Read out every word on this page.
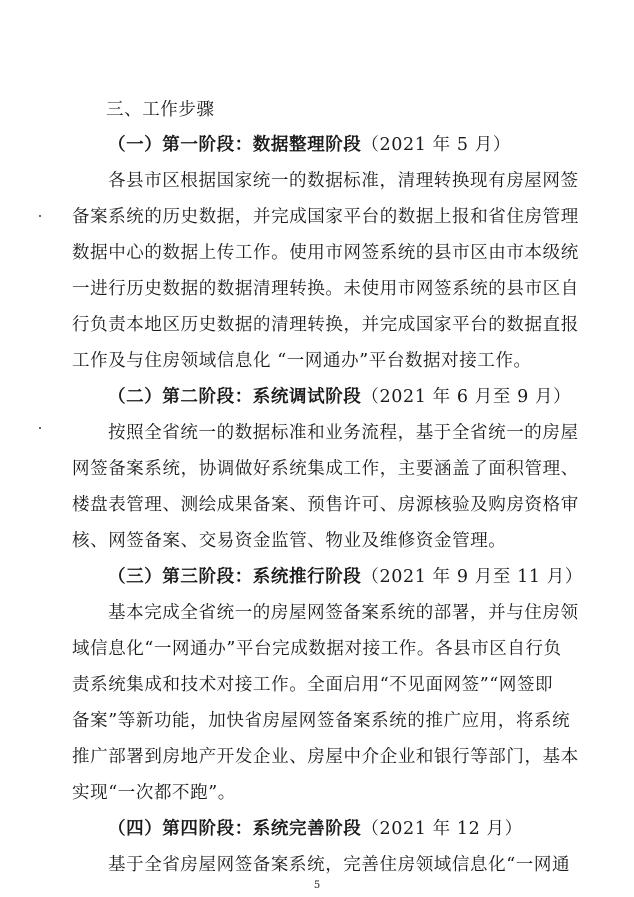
三、工作步骤
（一）第一阶段：数据整理阶段（2021 年 5 月）
各县市区根据国家统一的数据标准，清理转换现有房屋网签
备案系统的历史数据，并完成国家平台的数据上报和省住房管理
数据中心的数据上传工作。使用市网签系统的县市区由市本级统
一进行历史数据的数据清理转换。未使用市网签系统的县市区自
行负责本地区历史数据的清理转换，并完成国家平台的数据直报
工作及与住房领域信息化 “一网通办”平台数据对接工作。
（二）第二阶段：系统调试阶段（2021 年 6 月至 9 月）
按照全省统一的数据标准和业务流程，基于全省统一的房屋
网签备案系统，协调做好系统集成工作，主要涵盖了面积管理、
楼盘表管理、测绘成果备案、预售许可、房源核验及购房资格审
核、网签备案、交易资金监管、物业及维修资金管理。
（三）第三阶段：系统推行阶段（2021 年 9 月至 11 月）
基本完成全省统一的房屋网签备案系统的部署，并与住房领
域信息化“一网通办”平台完成数据对接工作。各县市区自行负
责系统集成和技术对接工作。全面启用“不见面网签”“网签即
备案”等新功能，加快省房屋网签备案系统的推广应用，将系统
推广部署到房地产开发企业、房屋中介企业和银行等部门，基本
实现“一次都不跑”。
（四）第四阶段：系统完善阶段（2021 年 12 月）
基于全省房屋网签备案系统，完善住房领域信息化“一网通
5
